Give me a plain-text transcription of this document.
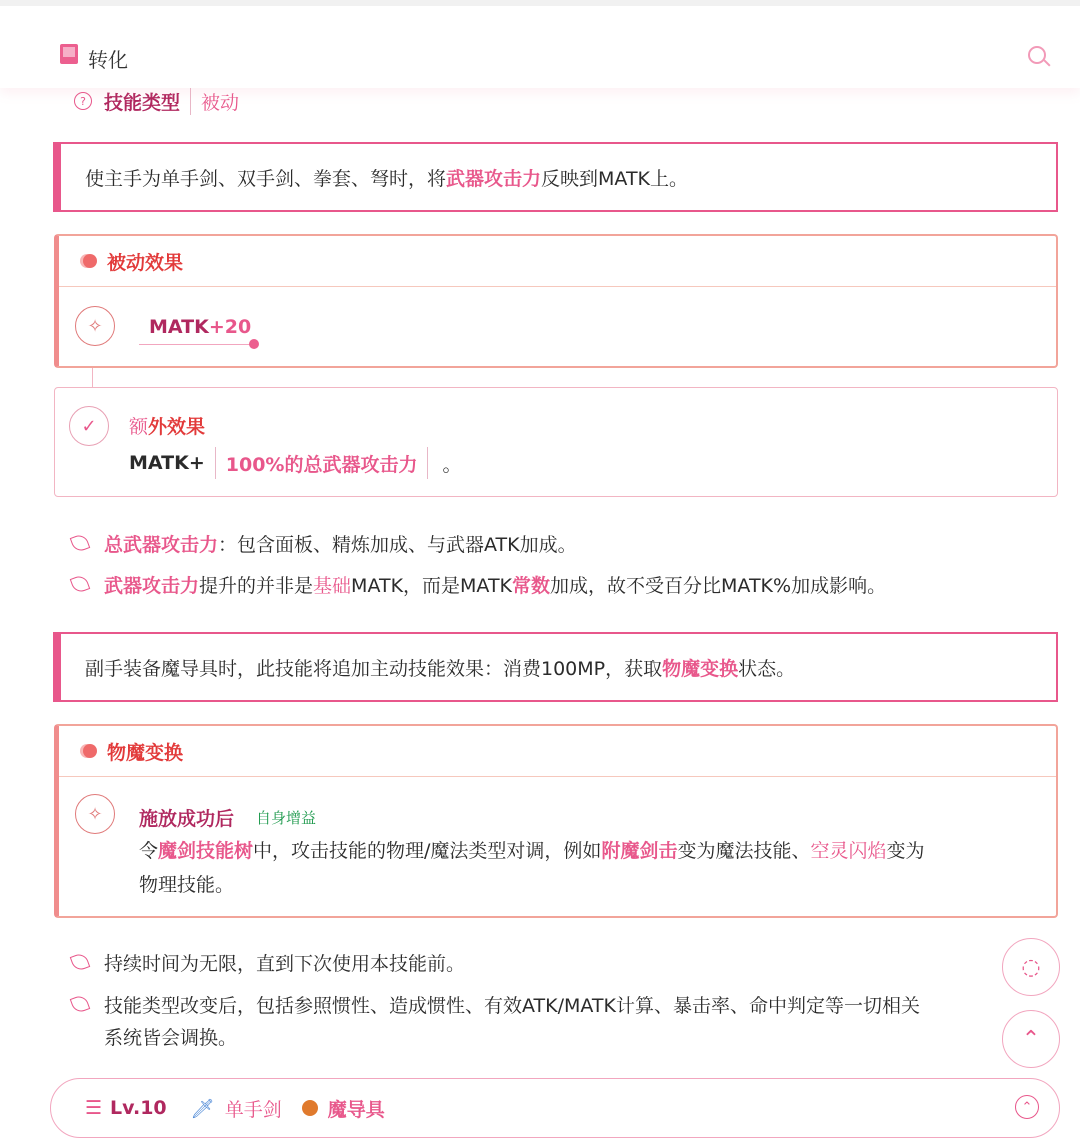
转化
? 技能类型 被动
使主手为单手剑、双手剑、拳套、弩时，将 武器攻击力 反映到MATK上。
被动效果
✧	MATK+20
✓	额外效果
MATK+ 100%的总武器攻击力 。
总武器攻击力 ：包含面板、精炼加成、与武器ATK加成。
武器攻击力 提升的并非是 基础 MATK，而是MATK 常数 加成，故不受百分比MATK%加成影响。
副手装备魔导具时，此技能将追加主动技能效果：消费100MP，获取 物魔变换 状态。
物魔变换
✧	施放成功后 自身增益
令魔剑技能树中，攻击技能的物理/魔法类型对调，例如附魔剑击变为魔法技能、空灵闪焰变为
物理技能。
持续时间为无限，直到下次使用本技能前。
技能类型改变后，包括参照惯性、造成惯性、有效ATK/MATK计算、暴击率、命中判定等一切相关
系统皆会调换。
◌
⌃
☰ Lv.10 🗡 单手剑 魔导具	⌃
